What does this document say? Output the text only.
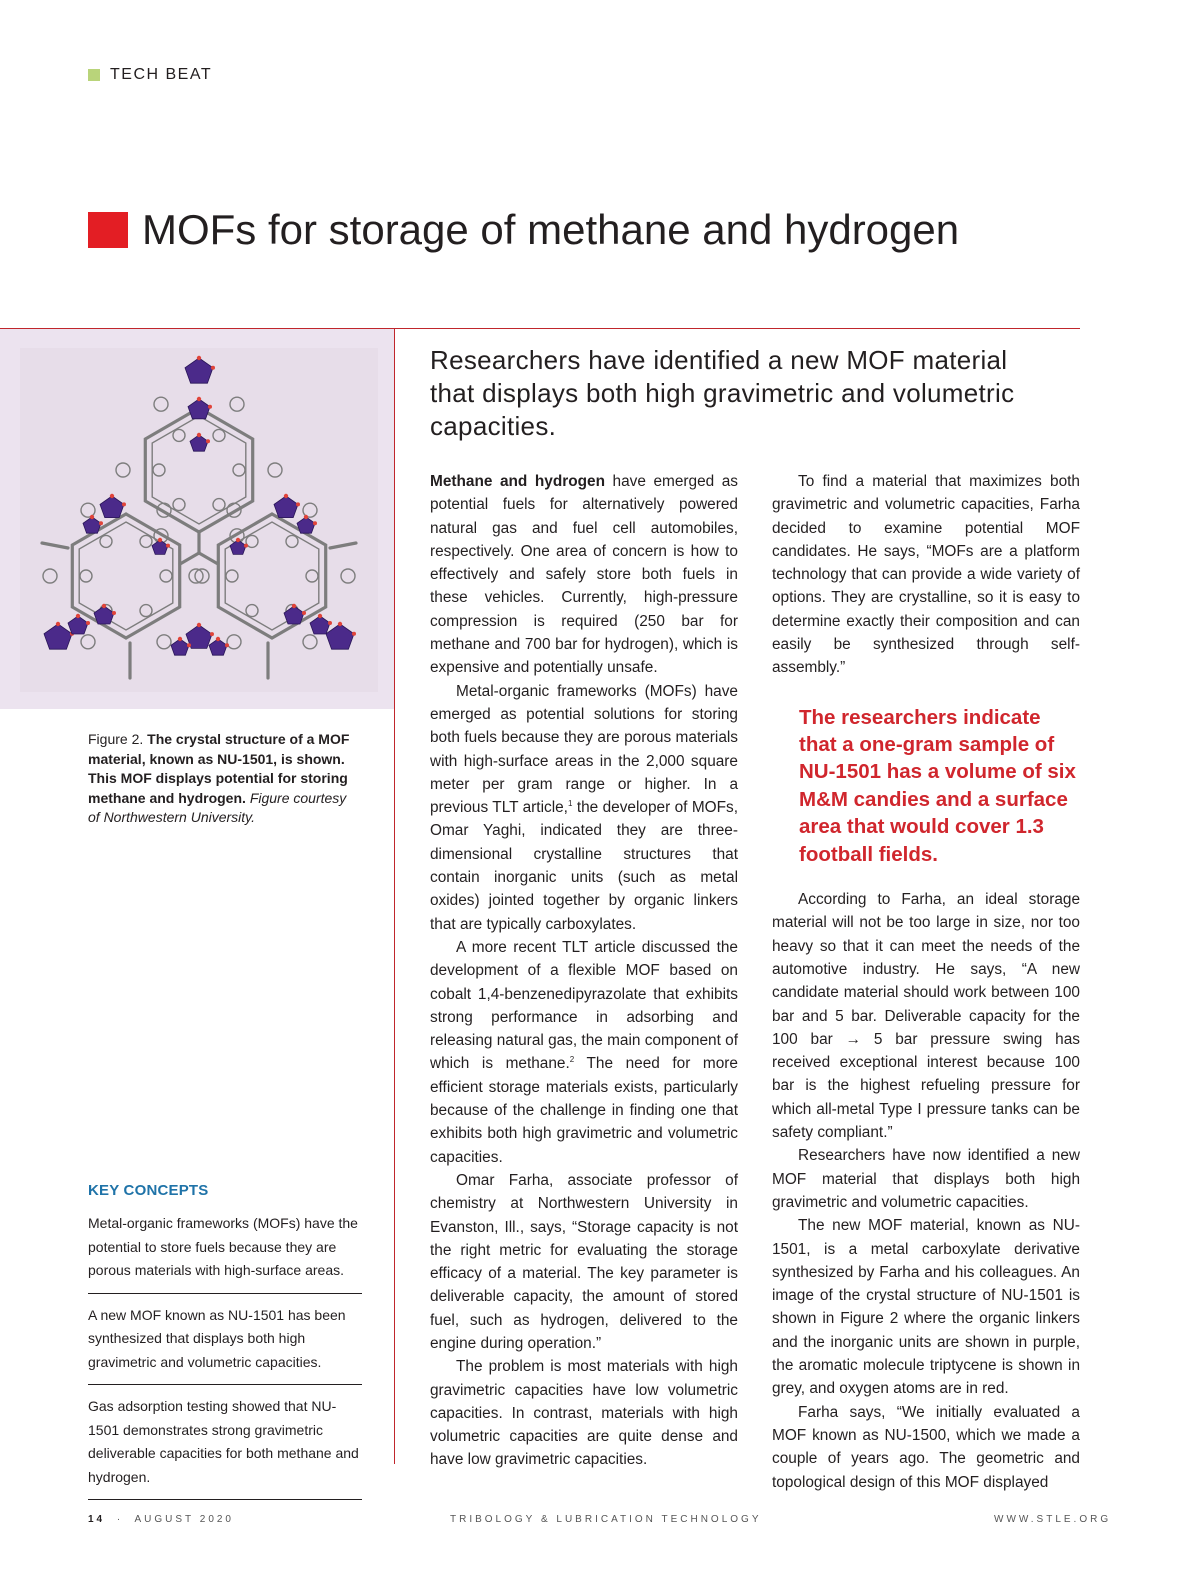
TECH BEAT
MOFs for storage of methane and hydrogen
Figure 2. The crystal structure of a MOF material, known as NU-1501, is shown. This MOF displays potential for storing methane and hydrogen. Figure courtesy of Northwestern University.
KEY CONCEPTS
Metal-organic frameworks (MOFs) have the potential to store fuels because they are porous materials with high-surface areas.
A new MOF known as NU-1501 has been synthesized that displays both high gravimetric and volumetric capacities.
Gas adsorption testing showed that NU-1501 demonstrates strong gravimetric deliverable capacities for both methane and hydrogen.
Researchers have identified a new MOF material that displays both high gravimetric and volumetric capacities.

Methane and hydrogen have emerged as potential fuels for alternatively powered natural gas and fuel cell automobiles, respectively. One area of concern is how to effectively and safely store both fuels in these vehicles. Currently, high-pressure compression is required (250 bar for methane and 700 bar for hydrogen), which is expensive and potentially unsafe.

Metal-organic frameworks (MOFs) have emerged as potential solutions for storing both fuels because they are porous materials with high-surface areas in the 2,000 square meter per gram range or higher. In a previous TLT article,$^1$ the developer of MOFs, Omar Yaghi, indicated they are three-dimensional crystalline structures that contain inorganic units (such as metal oxides) jointed together by organic linkers that are typically carboxylates.

A more recent TLT article discussed the development of a flexible MOF based on cobalt 1,4-benzenedipyrazolate that exhibits strong performance in adsorbing and releasing natural gas, the main component of which is methane.$^2$ The need for more efficient storage materials exists, particularly because of the challenge in finding one that exhibits both high gravimetric and volumetric capacities.

Omar Farha, associate professor of chemistry at Northwestern University in Evanston, Ill., says, “Storage capacity is not the right metric for evaluating the storage efficacy of a material. The key parameter is deliverable capacity, the amount of stored fuel, such as hydrogen, delivered to the engine during operation.”

The problem is most materials with high gravimetric capacities have low volumetric capacities. In contrast, materials with high volumetric capacities are quite dense and have low gravimetric capacities.

To find a material that maximizes both gravimetric and volumetric capacities, Farha decided to examine potential MOF candidates. He says, “MOFs are a platform technology that can provide a wide variety of options. They are crystalline, so it is easy to determine exactly their composition and can easily be synthesized through self-assembly.”

The researchers indicate that a one-gram sample of NU-1501 has a volume of six M&M candies and a surface area that would cover 1.3 football fields.

According to Farha, an ideal storage material will not be too large in size, nor too heavy so that it can meet the needs of the automotive industry. He says, “A new candidate material should work between 100 bar and 5 bar. Deliverable capacity for the 100 bar → 5 bar pressure swing has received exceptional interest because 100 bar is the highest refueling pressure for which all-metal Type I pressure tanks can be safety compliant.”

Researchers have now identified a new MOF material that displays both high gravimetric and volumetric capacities.

The new MOF material, known as NU-1501, is a metal carboxylate derivative synthesized by Farha and his colleagues. An image of the crystal structure of NU-1501 is shown in Figure 2 where the organic linkers and the inorganic units are shown in purple, the aromatic molecule triptycene is shown in grey, and oxygen atoms are in red.

Farha says, “We initially evaluated a MOF known as NU-1500, which we made a couple of years ago. The geometric and topological design of this MOF displayed

14 · AUGUST 2020	TRIBOLOGY & LUBRICATION TECHNOLOGY	WWW.STLE.ORG
